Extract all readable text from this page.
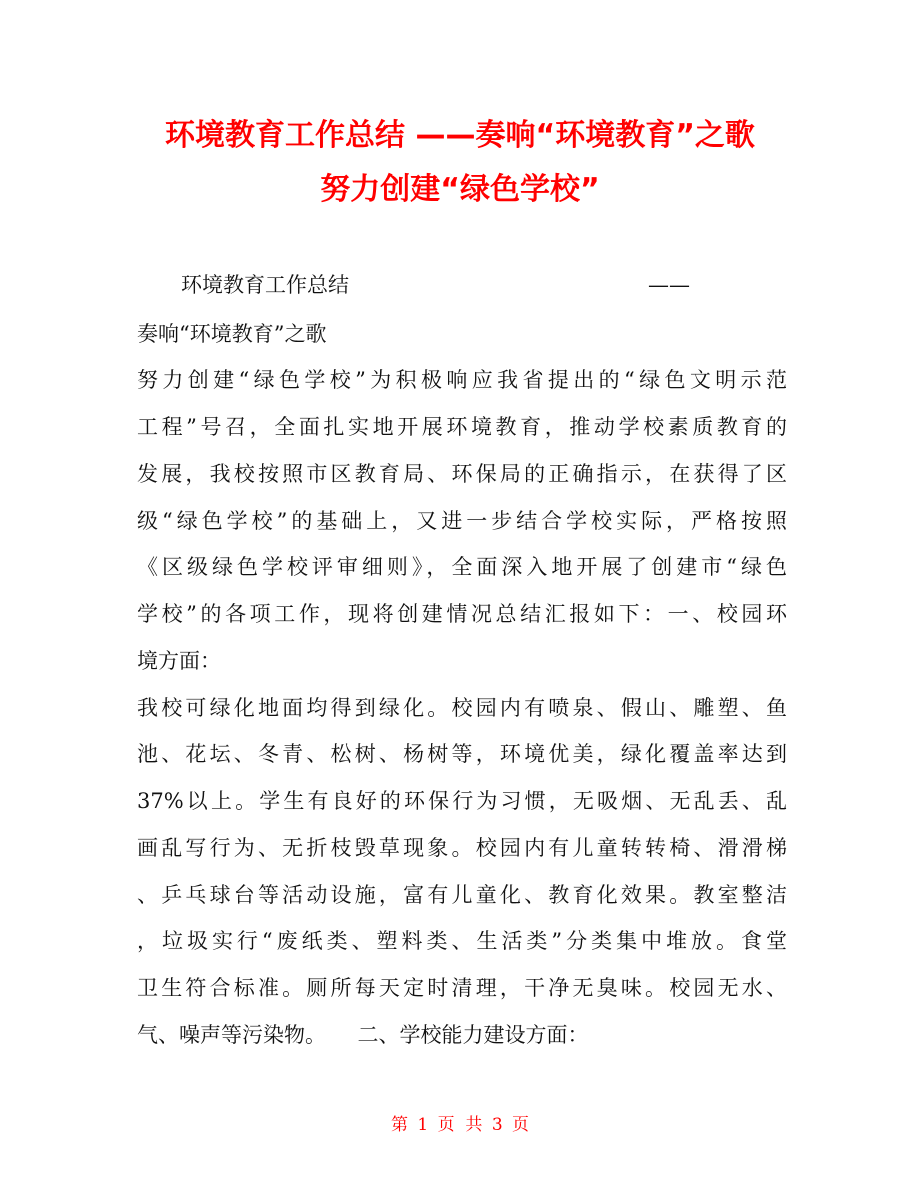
环境教育工作总结 ——奏响“环境教育”之歌
努力创建“绿色学校”

环境教育工作总结	——

奏响“环境教育”之歌

努力创建“绿色学校”为积极响应我省提出的“绿色文明示范

工程”号召，全面扎实地开展环境教育，推动学校素质教育的

发展，我校按照市区教育局、环保局的正确指示，在获得了区

级“绿色学校”的基础上，又进一步结合学校实际，严格按照

《区级绿色学校评审细则》，全面深入地开展了创建市“绿色

学校”的各项工作，现将创建情况总结汇报如下：一、校园环

境方面：

我校可绿化地面均得到绿化。校园内有喷泉、假山、雕塑、鱼

池、花坛、冬青、松树、杨树等，环境优美，绿化覆盖率达到

37%以上。学生有良好的环保行为习惯，无吸烟、无乱丢、乱

画乱写行为、无折枝毁草现象。校园内有儿童转转椅、滑滑梯

、乒乓球台等活动设施，富有儿童化、教育化效果。教室整洁

，垃圾实行“废纸类、塑料类、生活类”分类集中堆放。食堂

卫生符合标准。厕所每天定时清理，干净无臭味。校园无水、

气、噪声等污染物。　　二、学校能力建设方面：

第 1 页  共 3 页
